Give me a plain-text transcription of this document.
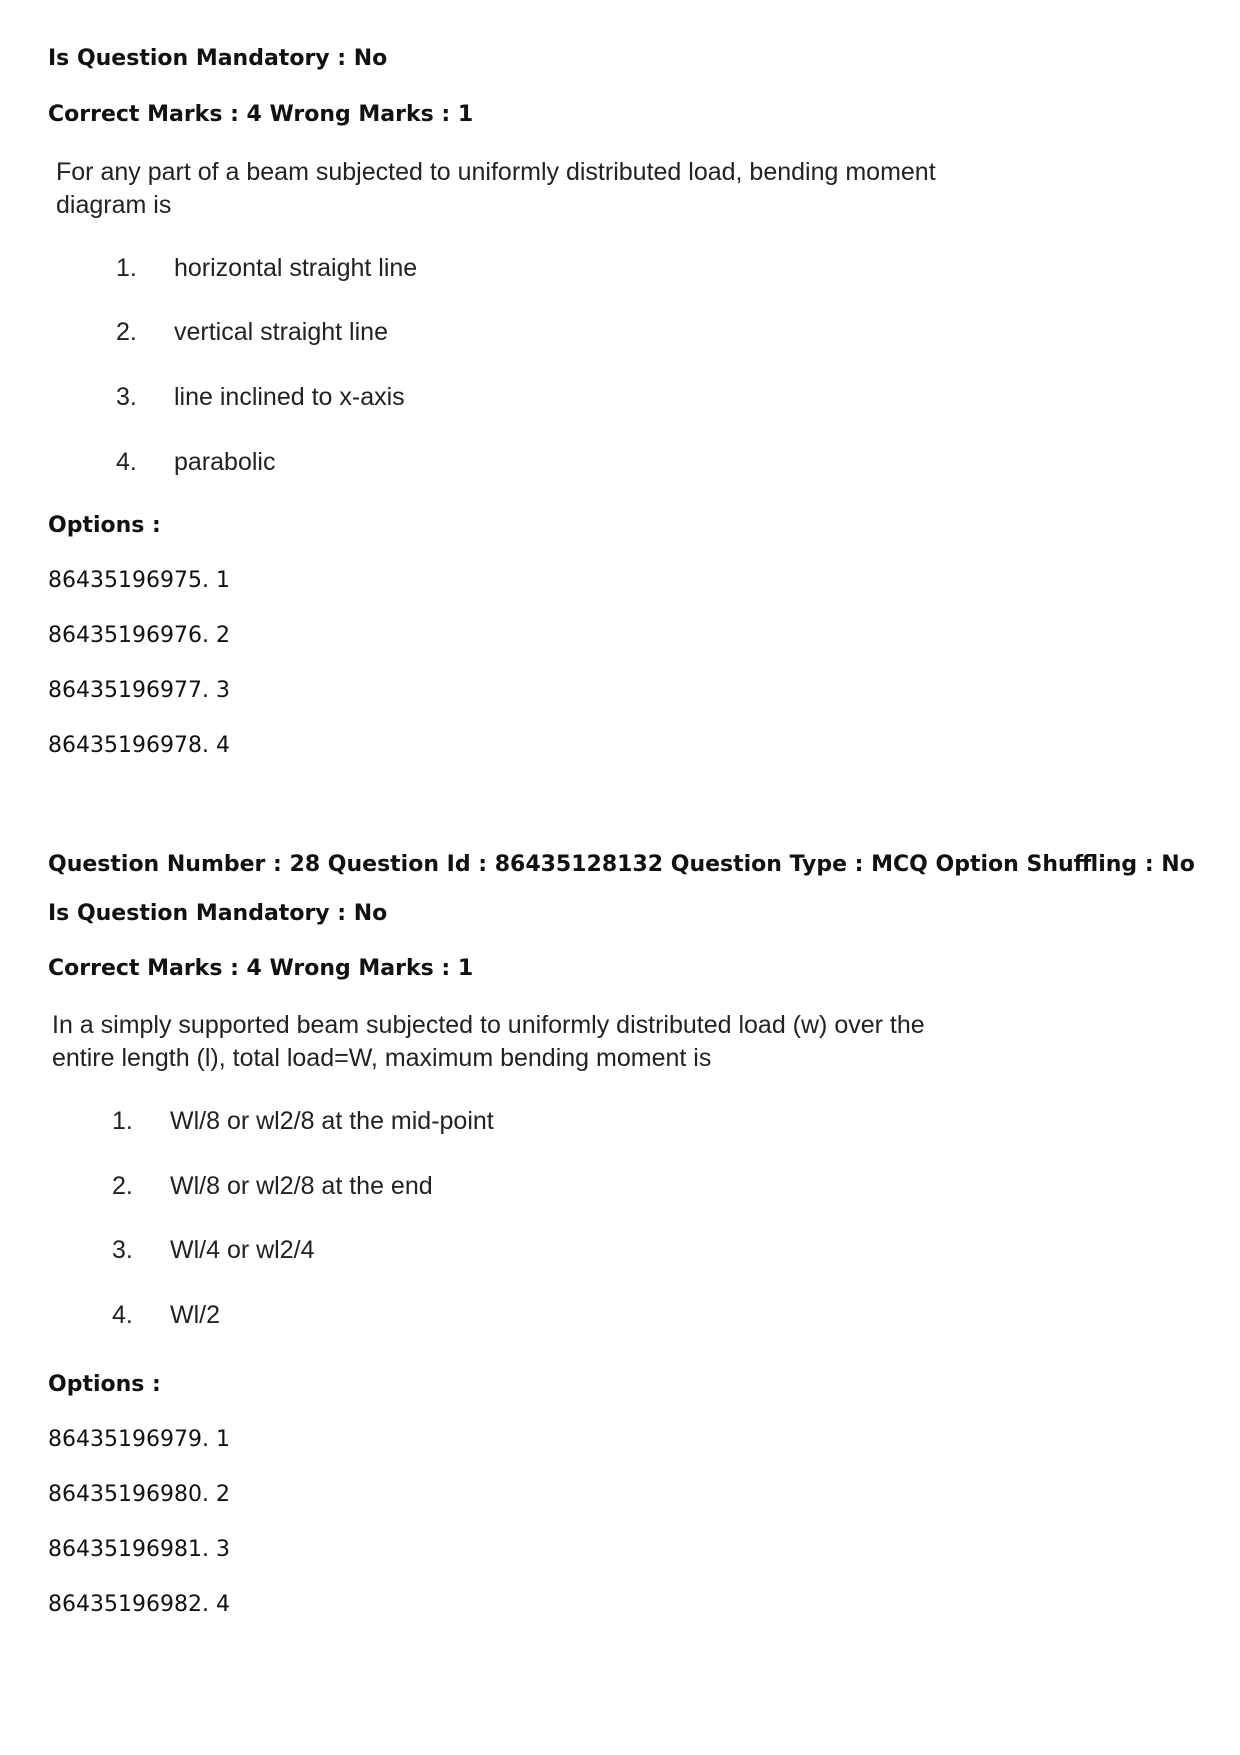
Is Question Mandatory : No

Correct Marks : 4 Wrong Marks : 1

For any part of a beam subjected to uniformly distributed load, bending moment

diagram is

1. horizontal straight line
2. vertical straight line
3. line inclined to x-axis
4. parabolic

Options :

86435196975. 1

86435196976. 2

86435196977. 3

86435196978. 4

Question Number : 28 Question Id : 86435128132 Question Type : MCQ Option Shuffling : No

Is Question Mandatory : No

Correct Marks : 4 Wrong Marks : 1

In a simply supported beam subjected to uniformly distributed load (w) over the

entire length (l), total load=W, maximum bending moment is

1. Wl/8 or wl2/8 at the mid-point
2. Wl/8 or wl2/8 at the end
3. Wl/4 or wl2/4
4. Wl/2

Options :

86435196979. 1

86435196980. 2

86435196981. 3

86435196982. 4
